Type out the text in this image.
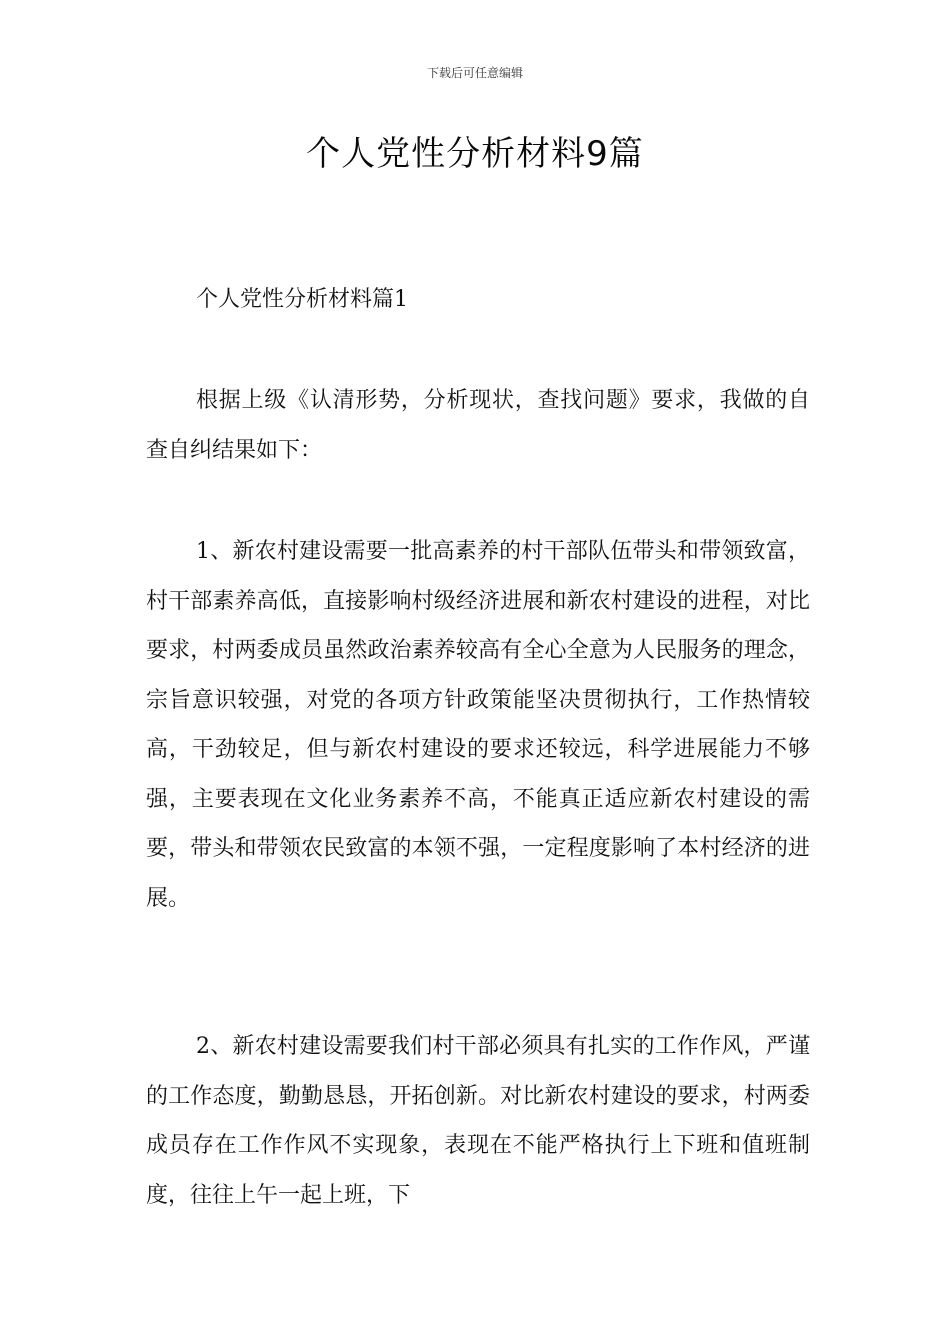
下载后可任意编辑
个人党性分析材料9篇
个人党性分析材料篇1

根据上级《认清形势，分析现状，查找问题》要求，我做的自查自纠结果如下：

1、新农村建设需要一批高素养的村干部队伍带头和带领致富，村干部素养高低，直接影响村级经济进展和新农村建设的进程，对比要求，村两委成员虽然政治素养较高有全心全意为人民服务的理念，宗旨意识较强，对党的各项方针政策能坚决贯彻执行，工作热情较高，干劲较足，但与新农村建设的要求还较远，科学进展能力不够强，主要表现在文化业务素养不高，不能真正适应新农村建设的需要，带头和带领农民致富的本领不强，一定程度影响了本村经济的进展。

2、新农村建设需要我们村干部必须具有扎实的工作作风，严谨的工作态度，勤勤恳恳，开拓创新。对比新农村建设的要求，村两委成员存在工作作风不实现象，表现在不能严格执行上下班和值班制度，往往上午一起上班，下
